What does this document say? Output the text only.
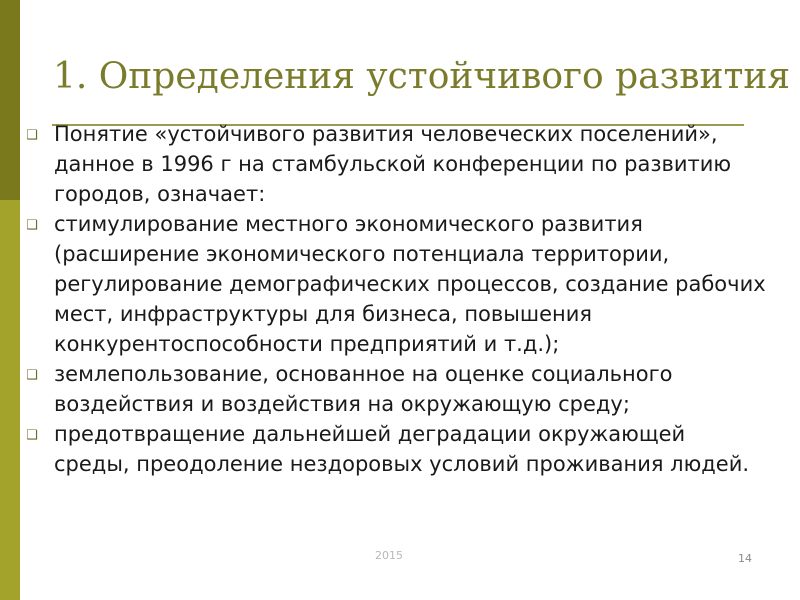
1. Определения устойчивого развития
❑ Понятие «устойчивого развития человеческих поселений», данное в 1996 г на стамбульской конференции по развитию городов, означает:
❑ стимулирование местного экономического развития (расширение экономического потенциала территории, регулирование демографических процессов, создание рабочих мест, инфраструктуры для бизнеса, повышения конкурентоспособности предприятий и т.д.);
❑ землепользование, основанное на оценке социального воздействия и воздействия на окружающую среду;
❑ предотвращение дальнейшей деградации окружающей среды, преодоление нездоровых условий проживания людей.
2015	14
